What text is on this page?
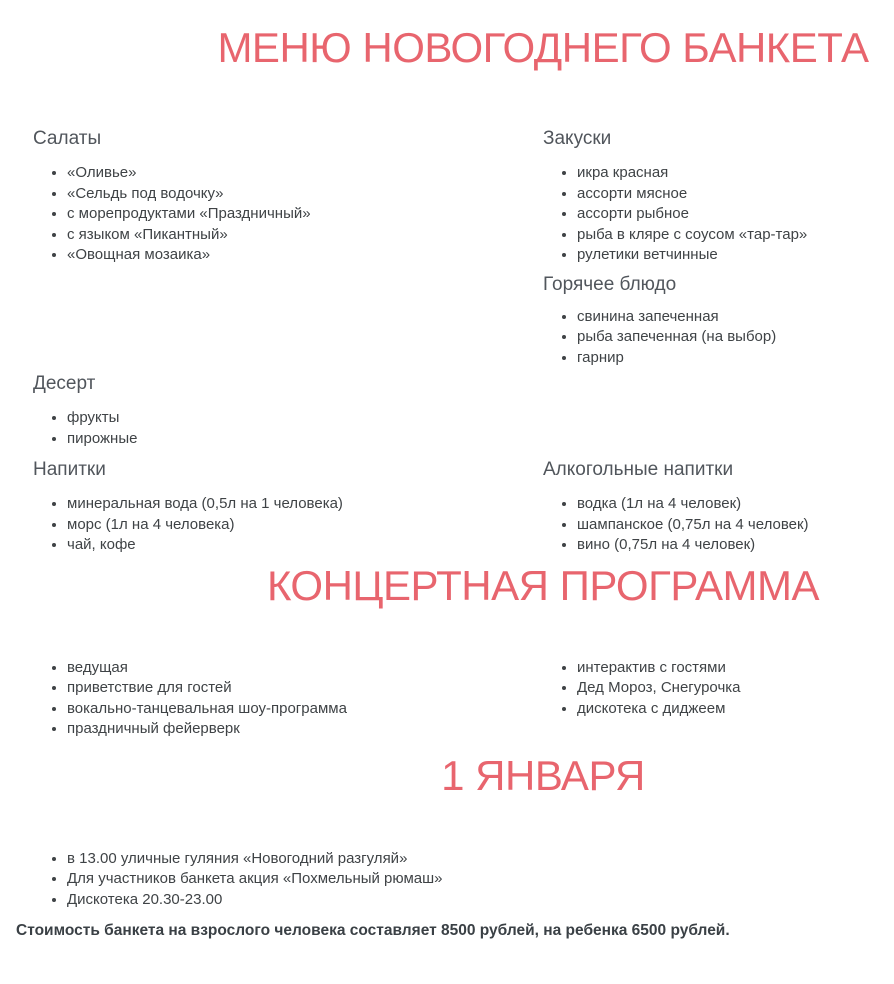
МЕНЮ НОВОГОДНЕГО БАНКЕТА
Салаты
• «Оливье»
• «Сельдь под водочку»
• с морепродуктами «Праздничный»
• с языком «Пикантный»
• «Овощная мозаика»
Закуски
• икра красная
• ассорти мясное
• ассорти рыбное
• рыба в кляре с соусом «тар-тар»
• рулетики ветчинные
Горячее блюдо
• свинина запеченная
• рыба запеченная (на выбор)
• гарнир
Десерт
• фрукты
• пирожные
Напитки
• минеральная вода (0,5л на 1 человека)
• морс (1л на 4 человека)
• чай, кофе
Алкогольные напитки
• водка (1л на 4 человек)
• шампанское (0,75л на 4 человек)
• вино (0,75л на 4 человек)
КОНЦЕРТНАЯ ПРОГРАММА
• ведущая
• приветствие для гостей
• вокально-танцевальная шоу-программа
• праздничный фейерверк
• интерактив с гостями
• Дед Мороз, Снегурочка
• дискотека с диджеем
1 ЯНВАРЯ
• в 13.00 уличные гуляния «Новогодний разгуляй»
• Для участников банкета акция «Похмельный рюмаш»
• Дискотека 20.30-23.00

Стоимость банкета на взрослого человека составляет 8500 рублей, на ребенка 6500 рублей.
